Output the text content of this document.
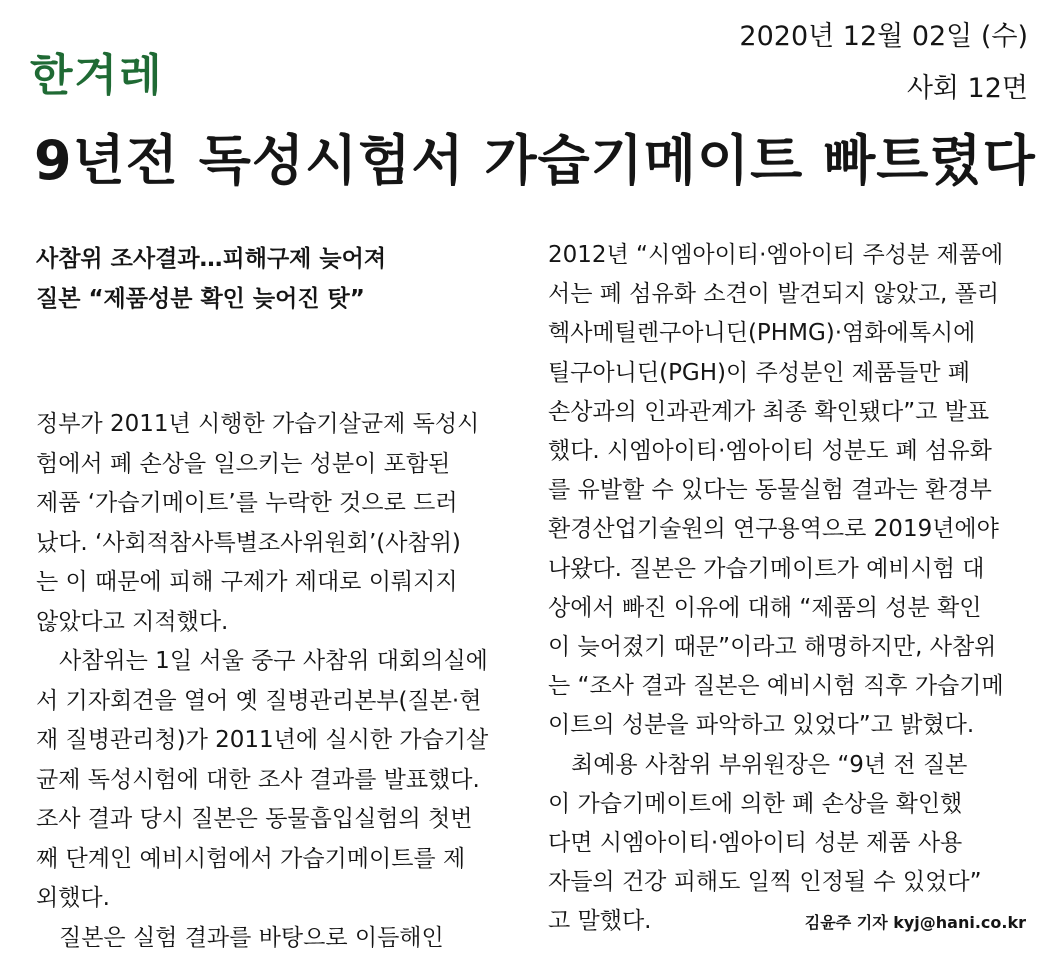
한겨레
2020년 12월 02일 (수)
사회 12면
9년전 독성시험서 가습기메이트 빠트렸다
사참위 조사결과…피해구제 늦어져
질본 “제품성분 확인 늦어진 탓”
정부가 2011년 시행한 가습기살균제 독성시
험에서 폐 손상을 일으키는 성분이 포함된
제품 ‘가습기메이트’를 누락한 것으로 드러
났다. ‘사회적참사특별조사위원회’(사참위)
는 이 때문에 피해 구제가 제대로 이뤄지지
않았다고 지적했다.
　사참위는 1일 서울 중구 사참위 대회의실에
서 기자회견을 열어 옛 질병관리본부(질본·현
재 질병관리청)가 2011년에 실시한 가습기살
균제 독성시험에 대한 조사 결과를 발표했다.
조사 결과 당시 질본은 동물흡입실험의 첫번
째 단계인 예비시험에서 가습기메이트를 제
외했다.
　질본은 실험 결과를 바탕으로 이듬해인
2012년 “시엠아이티·엠아이티 주성분 제품에
서는 폐 섬유화 소견이 발견되지 않았고, 폴리
헥사메틸렌구아니딘(PHMG)·염화에톡시에
틸구아니딘(PGH)이 주성분인 제품들만 폐
손상과의 인과관계가 최종 확인됐다”고 발표
했다. 시엠아이티·엠아이티 성분도 폐 섬유화
를 유발할 수 있다는 동물실험 결과는 환경부
환경산업기술원의 연구용역으로 2019년에야
나왔다. 질본은 가습기메이트가 예비시험 대
상에서 빠진 이유에 대해 “제품의 성분 확인
이 늦어졌기 때문”이라고 해명하지만, 사참위
는 “조사 결과 질본은 예비시험 직후 가습기메
이트의 성분을 파악하고 있었다”고 밝혔다.
　최예용 사참위 부위원장은 “9년 전 질본
이 가습기메이트에 의한 폐 손상을 확인했
다면 시엠아이티·엠아이티 성분 제품 사용
자들의 건강 피해도 일찍 인정될 수 있었다”
고 말했다.	김윤주 기자 kyj@hani.co.kr
